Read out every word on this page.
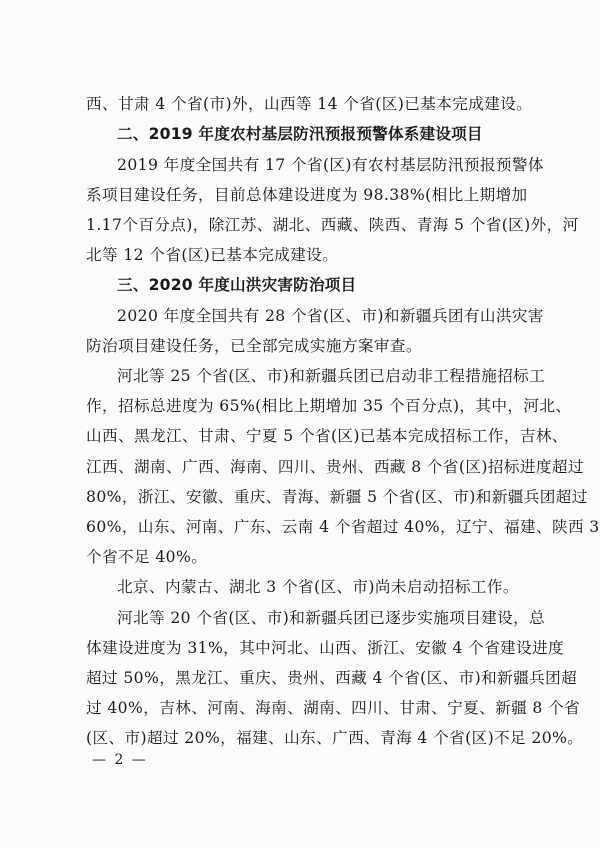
西、甘肃 4 个省(市)外，山西等 14 个省(区)已基本完成建设。
二、2019 年度农村基层防汛预报预警体系建设项目
2019 年度全国共有 17 个省(区)有农村基层防汛预报预警体
系项目建设任务，目前总体建设进度为 98.38%(相比上期增加
1.17个百分点)，除江苏、湖北、西藏、陕西、青海 5 个省(区)外，河
北等 12 个省(区)已基本完成建设。
三、2020 年度山洪灾害防治项目
2020 年度全国共有 28 个省(区、市)和新疆兵团有山洪灾害
防治项目建设任务，已全部完成实施方案审查。
河北等 25 个省(区、市)和新疆兵团已启动非工程措施招标工
作，招标总进度为 65%(相比上期增加 35 个百分点)，其中，河北、
山西、黑龙江、甘肃、宁夏 5 个省(区)已基本完成招标工作，吉林、
江西、湖南、广西、海南、四川、贵州、西藏 8 个省(区)招标进度超过
80%，浙江、安徽、重庆、青海、新疆 5 个省(区、市)和新疆兵团超过
60%，山东、河南、广东、云南 4 个省超过 40%，辽宁、福建、陕西 3
个省不足 40%。
北京、内蒙古、湖北 3 个省(区、市)尚未启动招标工作。
河北等 20 个省(区、市)和新疆兵团已逐步实施项目建设，总
体建设进度为 31%，其中河北、山西、浙江、安徽 4 个省建设进度
超过 50%，黑龙江、重庆、贵州、西藏 4 个省(区、市)和新疆兵团超
过 40%，吉林、河南、海南、湖南、四川、甘肃、宁夏、新疆 8 个省
(区、市)超过 20%，福建、山东、广西、青海 4 个省(区)不足 20%。
— 2 —
